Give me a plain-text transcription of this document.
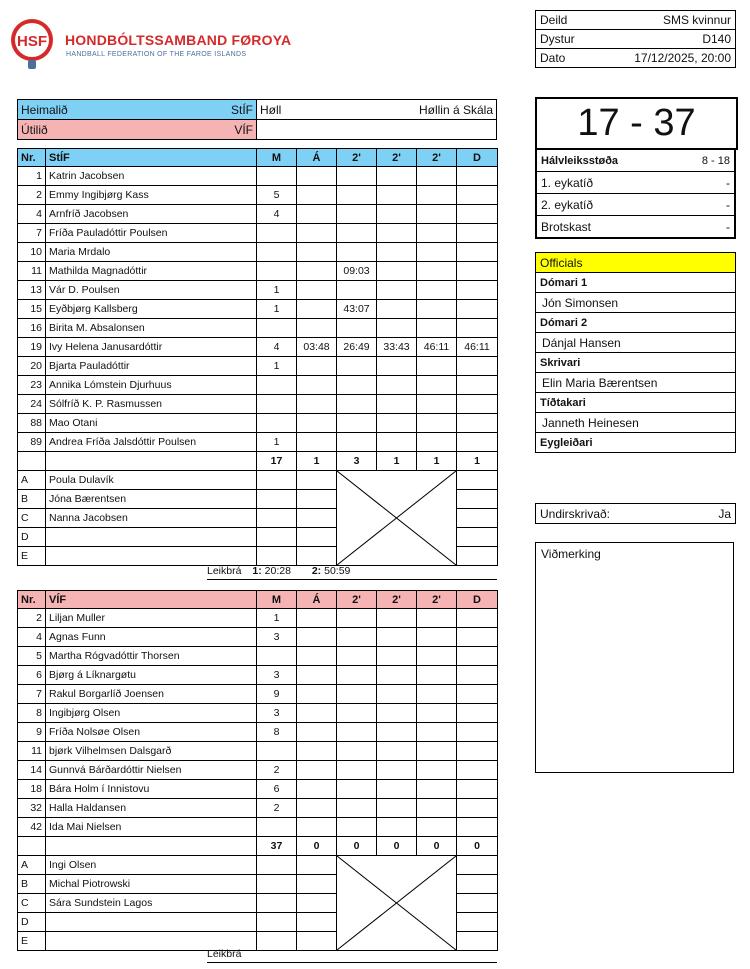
HSF HONDBÓLTSSAMBAND FØROYA
HANDBALL FEDERATION OF THE FAROE ISLANDS
Deild	SMS kvinnur

Dystur	D140

Dato	17/12/2025, 20:00
Heimalið StÍF	Høll Høllin á Skála

Útilið VÍF	

Nr.	StÍF	M	Á	2'	2'	2'	D
1	Katrin Jacobsen						
2	Emmy Ingibjørg Kass	5					
4	Arnfríð Jacobsen	4					
7	Fríða Pauladóttir Poulsen						
10	Maria Mrdalo						
11	Mathilda Magnadóttir			09:03			
13	Vár D. Poulsen	1					
15	Eyðbjørg Kallsberg	1		43:07			
16	Birita M. Absalonsen						
19	Ivy Helena Janusardóttir	4	03:48	26:49	33:43	46:11	46:11
20	Bjarta Pauladóttir	1					
23	Annika Lómstein Djurhuus						
24	Sólfríð K. P. Rasmussen						
88	Mao Otani						
89	Andrea Fríða Jalsdóttir Poulsen	1					
		17	1	3	1	1	1
A	Poula Dulavík			

B	Jóna Bærentsen						
C	Nanna Jacobsen						
D							
E							
Leikbrá 1: 20:28 2: 50:59
Nr.	VÍF	M	Á	2'	2'	2'	D
2	Liljan Muller	1					
4	Agnas Funn	3					
5	Martha Rógvadóttir Thorsen						
6	Bjørg á Líknargøtu	3					
7	Rakul Borgarlíð Joensen	9					
8	Ingibjørg Olsen	3					
9	Fríða Nolsøe Olsen	8					
11	bjørk Vilhelmsen Dalsgarð						
14	Gunnvá Bárðardóttir Nielsen	2					
18	Bára Holm í Innistovu	6					
32	Halla Haldansen	2					
42	Ida Mai Nielsen						
		37	0	0	0	0	0
A	Ingi Olsen			

B	Michal Piotrowski						
C	Sára Sundstein Lagos						
D							
E							
Leikbrá
17 - 37
Hálvleiksstøða	8 - 18

1. eykatíð	-

2. eykatíð	-

Brotskast	-
Officials
Dómari 1
Jón Simonsen
Dómari 2
Dánjal Hansen
Skrivari
Elin Maria Bærentsen
Tíðtakari
Janneth Heinesen
Eygleiðari
Undirskrivað:	Ja
Viðmerking
